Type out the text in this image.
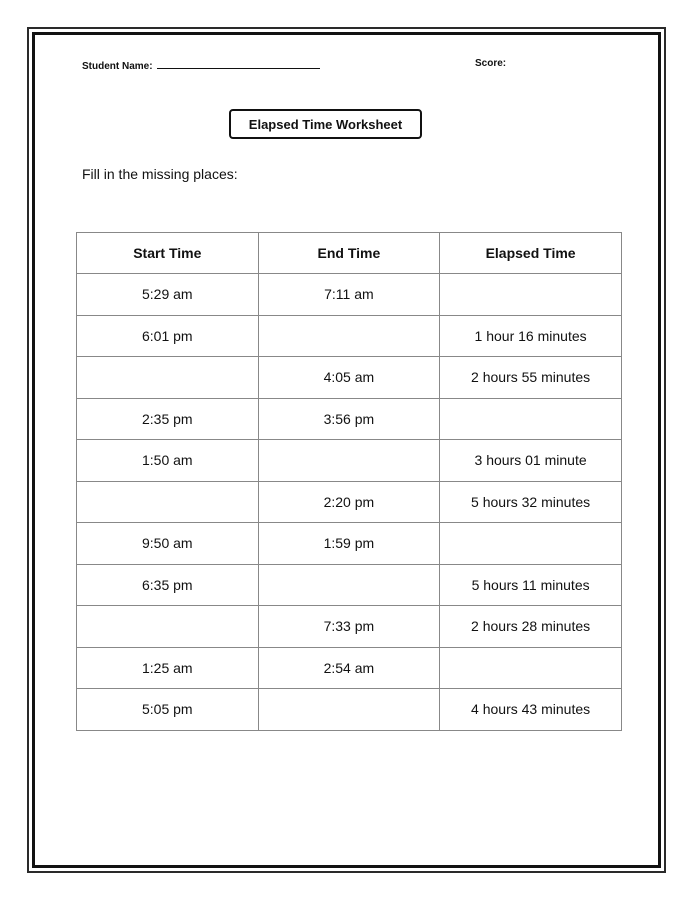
Student Name:	Score:
Elapsed Time Worksheet
Fill in the missing places:
Start Time	End Time	Elapsed Time
5:29 am	7:11 am	
6:01 pm		1 hour 16 minutes
	4:05 am	2 hours 55 minutes
2:35 pm	3:56 pm	
1:50 am		3 hours 01 minute
	2:20 pm	5 hours 32 minutes
9:50 am	1:59 pm	
6:35 pm		5 hours 11 minutes
	7:33 pm	2 hours 28 minutes
1:25 am	2:54 am	
5:05 pm		4 hours 43 minutes
